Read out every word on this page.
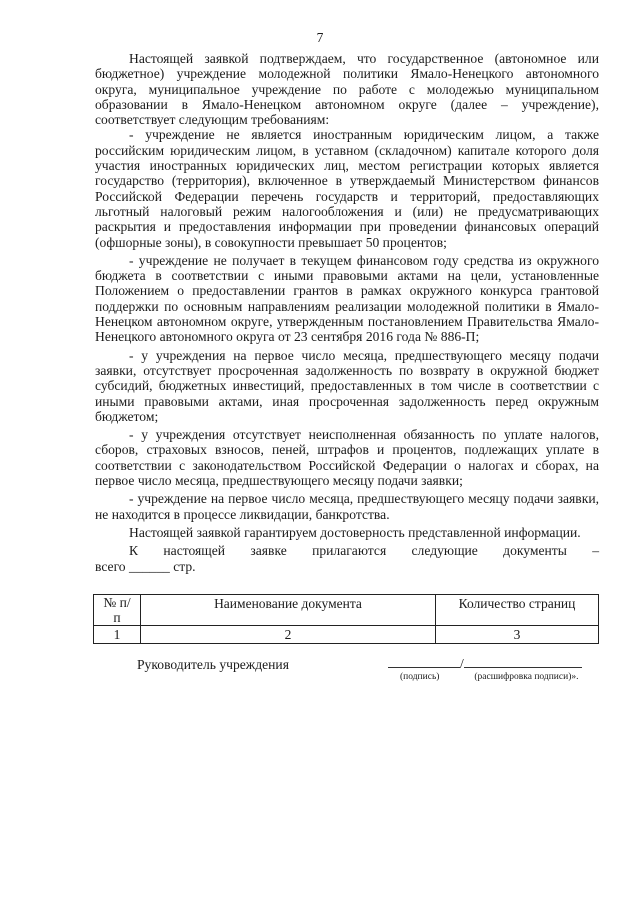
7

Настоящей заявкой подтверждаем, что государственное (автономное или бюджетное) учреждение молодежной политики Ямало-Ненецкого автономного округа, муниципальное учреждение по работе с молодежью муниципальном образовании в Ямало-Ненецком автономном округе (далее – учреждение), соответствует следующим требованиям:

- учреждение не является иностранным юридическим лицом, а также российским юридическим лицом, в уставном (складочном) капитале которого доля участия иностранных юридических лиц, местом регистрации которых является государство (территория), включенное в утверждаемый Министерством финансов Российской Федерации перечень государств и территорий, предоставляющих льготный налоговый режим налогообложения и (или) не предусматривающих раскрытия и предоставления информации при проведении финансовых операций (офшорные зоны), в совокупности превышает 50 процентов;

- учреждение не получает в текущем финансовом году средства из окружного бюджета в соответствии с иными правовыми актами на цели, установленные Положением о предоставлении грантов в рамках окружного конкурса грантовой поддержки по основным направлениям реализации молодежной политики в Ямало-Ненецком автономном округе, утвержденным постановлением Правительства Ямало-Ненецкого автономного округа от 23 сентября 2016 года № 886-П;

- у учреждения на первое число месяца, предшествующего месяцу подачи заявки, отсутствует просроченная задолженность по возврату в окружной бюджет субсидий, бюджетных инвестиций, предоставленных в том числе в соответствии с иными правовыми актами, иная просроченная задолженность перед окружным бюджетом;

- у учреждения отсутствует неисполненная обязанность по уплате налогов, сборов, страховых взносов, пеней, штрафов и процентов, подлежащих уплате в соответствии с законодательством Российской Федерации о налогах и сборах, на первое число месяца, предшествующего месяцу подачи заявки;

- учреждение на первое число месяца, предшествующего месяцу подачи заявки, не находится в процессе ликвидации, банкротства.

Настоящей заявкой гарантируем достоверность представленной информации.

К настоящей заявке прилагаются следующие документы –

всего ______ стр.

№ п/п	Наименование документа	Количество страниц
1	2	3
Руководитель учреждения	/
(подпись)	(расшифровка подписи)».
